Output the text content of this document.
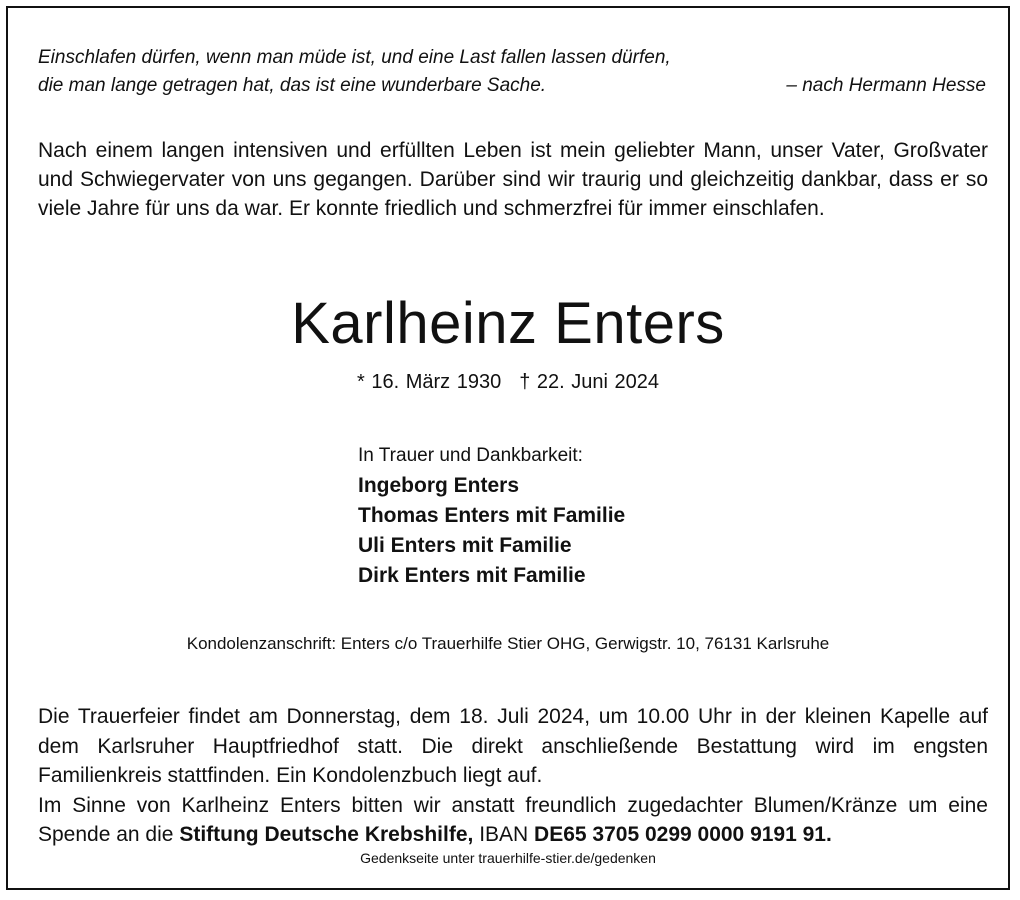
Einschlafen dürfen, wenn man müde ist, und eine Last fallen lassen dürfen,
die man lange getragen hat, das ist eine wunderbare Sache.	– nach Hermann Hesse
Nach einem langen intensiven und erfüllten Leben ist mein geliebter Mann, unser Vater, Großvater und Schwiegervater von uns gegangen. Darüber sind wir traurig und gleichzeitig dankbar, dass er so viele Jahre für uns da war. Er konnte friedlich und schmerzfrei für immer einschlafen.
Karlheinz Enters
* 16. März 1930 † 22. Juni 2024
In Trauer und Dankbarkeit:
Ingeborg Enters
Thomas Enters mit Familie
Uli Enters mit Familie
Dirk Enters mit Familie
Kondolenzanschrift: Enters c/o Trauerhilfe Stier OHG, Gerwigstr. 10, 76131 Karlsruhe
Die Trauerfeier findet am Donnerstag, dem 18. Juli 2024, um 10.00 Uhr in der kleinen Kapelle auf dem Karlsruher Hauptfriedhof statt. Die direkt anschließende Bestattung wird im engsten Familienkreis stattfinden. Ein Kondolenzbuch liegt auf.
Im Sinne von Karlheinz Enters bitten wir anstatt freundlich zugedachter Blumen/Kränze um eine Spende an die Stiftung Deutsche Krebshilfe, IBAN DE65 3705 0299 0000 9191 91.
Gedenkseite unter trauerhilfe-stier.de/gedenken
